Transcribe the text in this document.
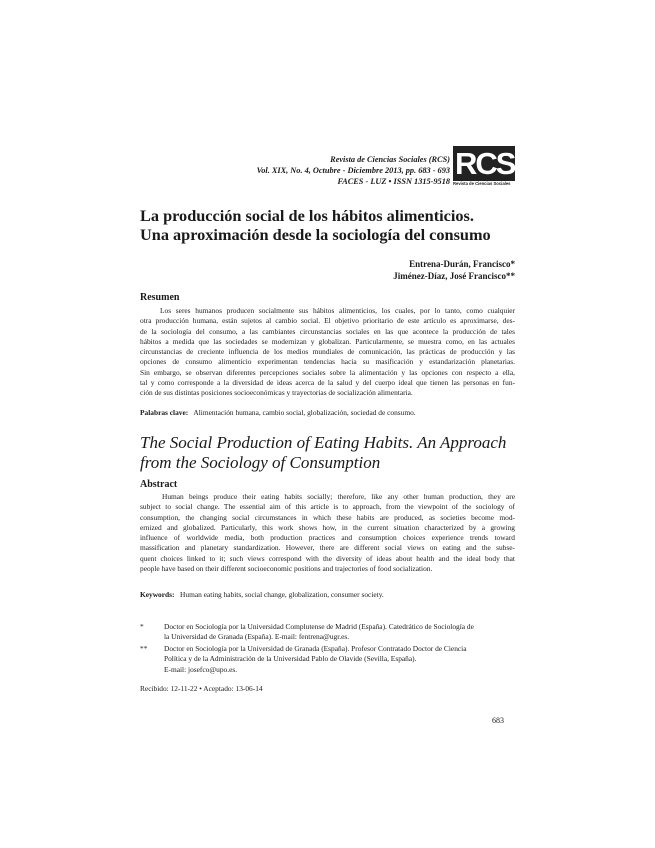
Revista de Ciencias Sociales (RCS)
Vol. XIX, No. 4, Octubre - Diciembre 2013, pp. 683 - 693
FACES - LUZ • ISSN 1315-9518
RCS
Revista de Ciencias Sociales
La producción social de los hábitos alimenticios.
Una aproximación desde la sociología del consumo
Entrena-Durán, Francisco*
Jiménez-Díaz, José Francisco**
Resumen
Los seres humanos producen socialmente sus hábitos alimenticios, los cuales, por lo tanto, como cualquier
otra producción humana, están sujetos al cambio social. El objetivo prioritario de este artículo es aproximarse, des-
de la sociología del consumo, a las cambiantes circunstancias sociales en las que acontece la producción de tales
hábitos a medida que las sociedades se modernizan y globalizan. Particularmente, se muestra como, en las actuales
circunstancias de creciente influencia de los medios mundiales de comunicación, las prácticas de producción y las
opciones de consumo alimenticio experimentan tendencias hacia su masificación y estandarización planetarias.
Sin embargo, se observan diferentes percepciones sociales sobre la alimentación y las opciones con respecto a ella,
tal y como corresponde a la diversidad de ideas acerca de la salud y del cuerpo ideal que tienen las personas en fun-
ción de sus distintas posiciones socioeconómicas y trayectorias de socialización alimentaria.
Palabras clave: Alimentación humana, cambio social, globalización, sociedad de consumo.
The Social Production of Eating Habits. An Approach
from the Sociology of Consumption
Abstract
Human beings produce their eating habits socially; therefore, like any other human production, they are
subject to social change. The essential aim of this article is to approach, from the viewpoint of the sociology of
consumption, the changing social circumstances in which these habits are produced, as societies become mod-
ernized and globalized. Particularly, this work shows how, in the current situation characterized by a growing
influence of worldwide media, both production practices and consumption choices experience trends toward
massification and planetary standardization. However, there are different social views on eating and the subse-
quent choices linked to it; such views correspond with the diversity of ideas about health and the ideal body that
people have based on their different socioeconomic positions and trajectories of food socialization.
Keywords: Human eating habits, social change, globalization, consumer society.
*	Doctor en Sociología por la Universidad Complutense de Madrid (España). Catedrático de Sociología de
la Universidad de Granada (España). E-mail: fentrena@ugr.es.
** Doctor en Sociología por la Universidad de Granada (España). Profesor Contratado Doctor de Ciencia
Política y de la Administración de la Universidad Pablo de Olavide (Sevilla, España).
E-mail: josefco@upo.es.
Recibido: 12-11-22 • Aceptado: 13-06-14
683
